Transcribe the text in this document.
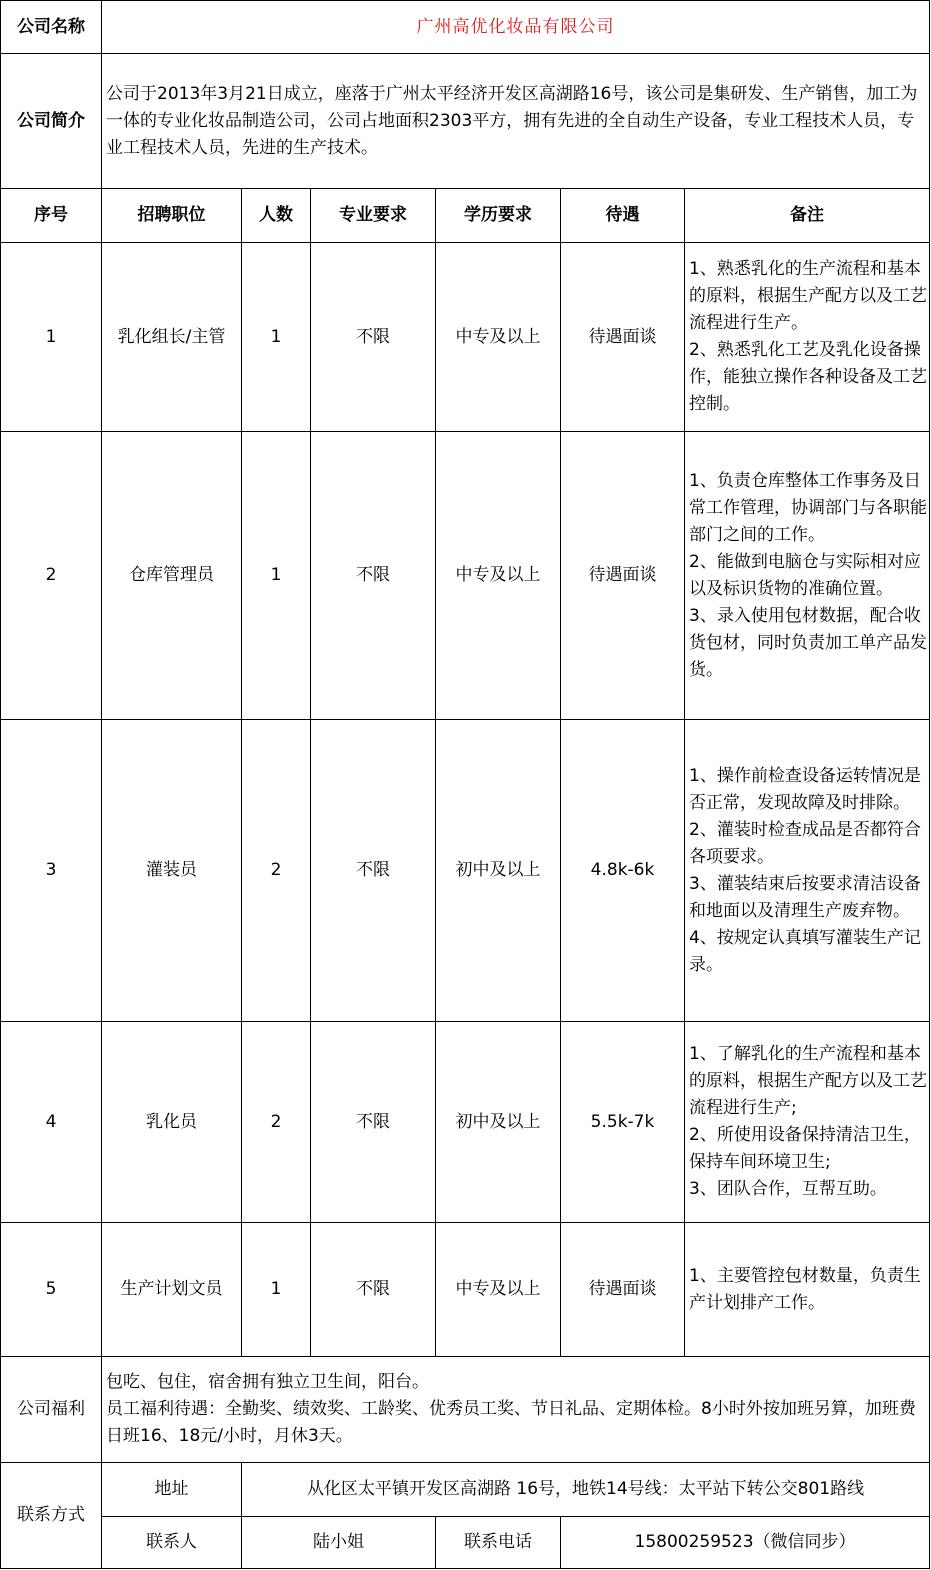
公司名称	广州高优化妆品有限公司					
公司简介	公司于2013年3月21日成立，座落于广州太平经济开发区高湖路16号，该公司是集研发、生产销售，加工为一体的专业化妆品制造公司，公司占地面积2303平方，拥有先进的全自动生产设备，专业工程技术人员，专业工程技术人员，先进的生产技术。					
序号	招聘职位	人数	专业要求	学历要求	待遇	备注
1	乳化组长/主管	1	不限	中专及以上	待遇面谈	1、熟悉乳化的生产流程和基本的原料，根据生产配方以及工艺流程进行生产。
2、熟悉乳化工艺及乳化设备操作，能独立操作各种设备及工艺控制。

2	仓库管理员	1	不限	中专及以上	待遇面谈	1、负责仓库整体工作事务及日常工作管理，协调部门与各职能部门之间的工作。
2、能做到电脑仓与实际相对应以及标识货物的准确位置。
3、录入使用包材数据，配合收货包材，同时负责加工单产品发货。

3	灌装员	2	不限	初中及以上	4.8k-6k	1、操作前检查设备运转情况是否正常，发现故障及时排除。
2、灌装时检查成品是否都符合各项要求。
3、灌装结束后按要求清洁设备和地面以及清理生产废弃物。
4、按规定认真填写灌装生产记录。

4	乳化员	2	不限	初中及以上	5.5k-7k	1、了解乳化的生产流程和基本的原料，根据生产配方以及工艺流程进行生产;
2、所使用设备保持清洁卫生，保持车间环境卫生;
3、团队合作，互帮互助。

5	生产计划文员	1	不限	中专及以上	待遇面谈	1、主要管控包材数量，负责生产计划排产工作。

公司福利	包吃、包住，宿舍拥有独立卫生间，阳台。
员工福利待遇：全勤奖、绩效奖、工龄奖、优秀员工奖、节日礼品、定期体检。8小时外按加班另算，加班费日班16、18元/小时，月休3天。					

联系方式	地址	从化区太平镇开发区高湖路 16号，地铁14号线：太平站下转公交801路线				
	联系人	陆小姐		联系电话	15800259523（微信同步）	
